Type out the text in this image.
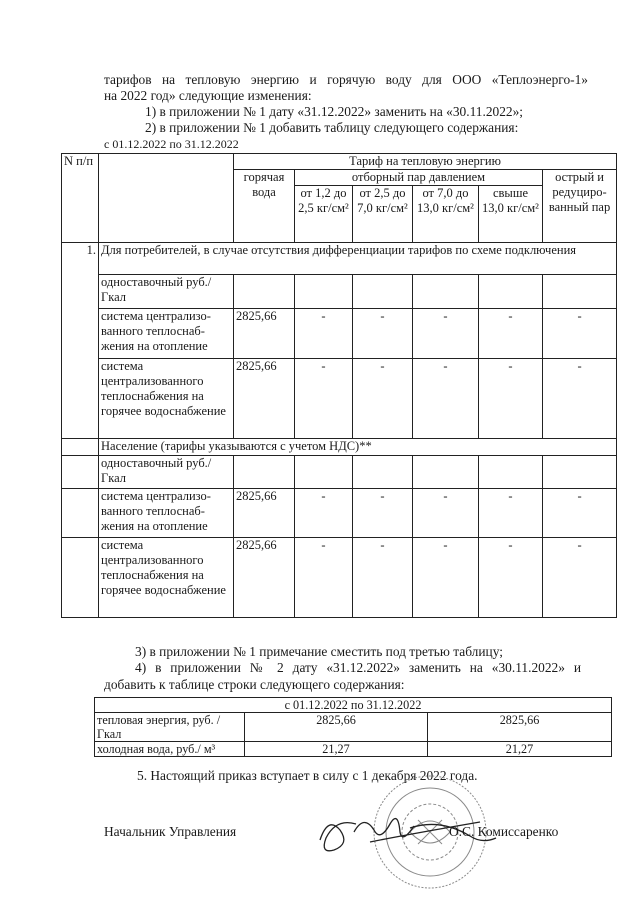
тарифов на тепловую энергию и горячую воду для ООО «Теплоэнерго-1»
на 2022 год» следующие изменения:
1) в приложении № 1 дату «31.12.2022» заменить на «30.11.2022»;
2) в приложении № 1 добавить таблицу следующего содержания:
с 01.12.2022 по 31.12.2022
N п/п		Тариф на тепловую энергию					
		горячая вода	отборный пар давлением				острый и редуциро-ванный пар
			от 1,2 до 2,5 кг/см²	от 2,5 до 7,0 кг/см²	от 7,0 до 13,0 кг/см²	свыше 13,0 кг/см²	
1.	Для потребителей, в случае отсутствия дифференциации тарифов по схеме подключения						
	одноставочный руб./Гкал						
	система централизо-ванного теплоснаб-жения на отопление	2825,66	-	-	-	-	-
	система централизованного теплоснабжения на горячее водоснабжение	2825,66	-	-	-	-	-
	Население (тарифы указываются с учетом НДС)**						
	одноставочный руб./Гкал						
	система централизо-ванного теплоснаб-жения на отопление	2825,66	-	-	-	-	-
	система централизованного теплоснабжения на горячее водоснабжение	2825,66	-	-	-	-	-
3) в приложении № 1 примечание сместить под третью таблицу;
4) в приложении № 2 дату «31.12.2022» заменить на «30.11.2022» и
добавить к таблице строки следующего содержания:
с 01.12.2022 по 31.12.2022		
тепловая энергия, руб. /Гкал	2825,66	2825,66
холодная вода, руб./ м³	21,27	21,27
5. Настоящий приказ вступает в силу с 1 декабря 2022 года.
Начальник Управления	О.С. Комиссаренко
